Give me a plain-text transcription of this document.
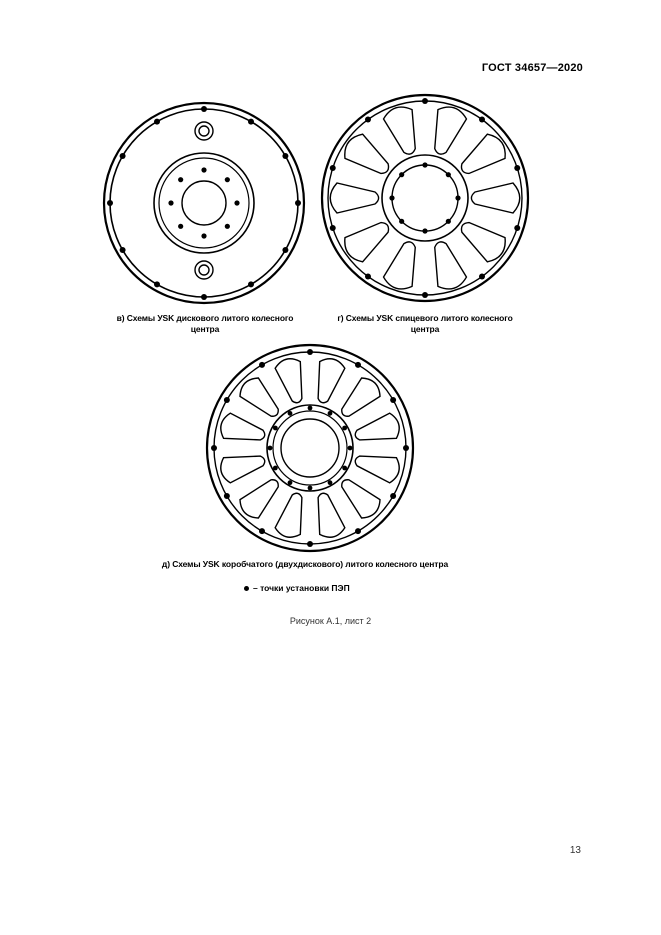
ГОСТ 34657—2020
в) Схемы УSK дискового литого колесного
центра
г) Схемы УSK спицевого литого колесного
центра
д) Схемы УSK коробчатого (двухдискового) литого колесного центра
– точки установки ПЭП
Рисунок А.1, лист 2
13
